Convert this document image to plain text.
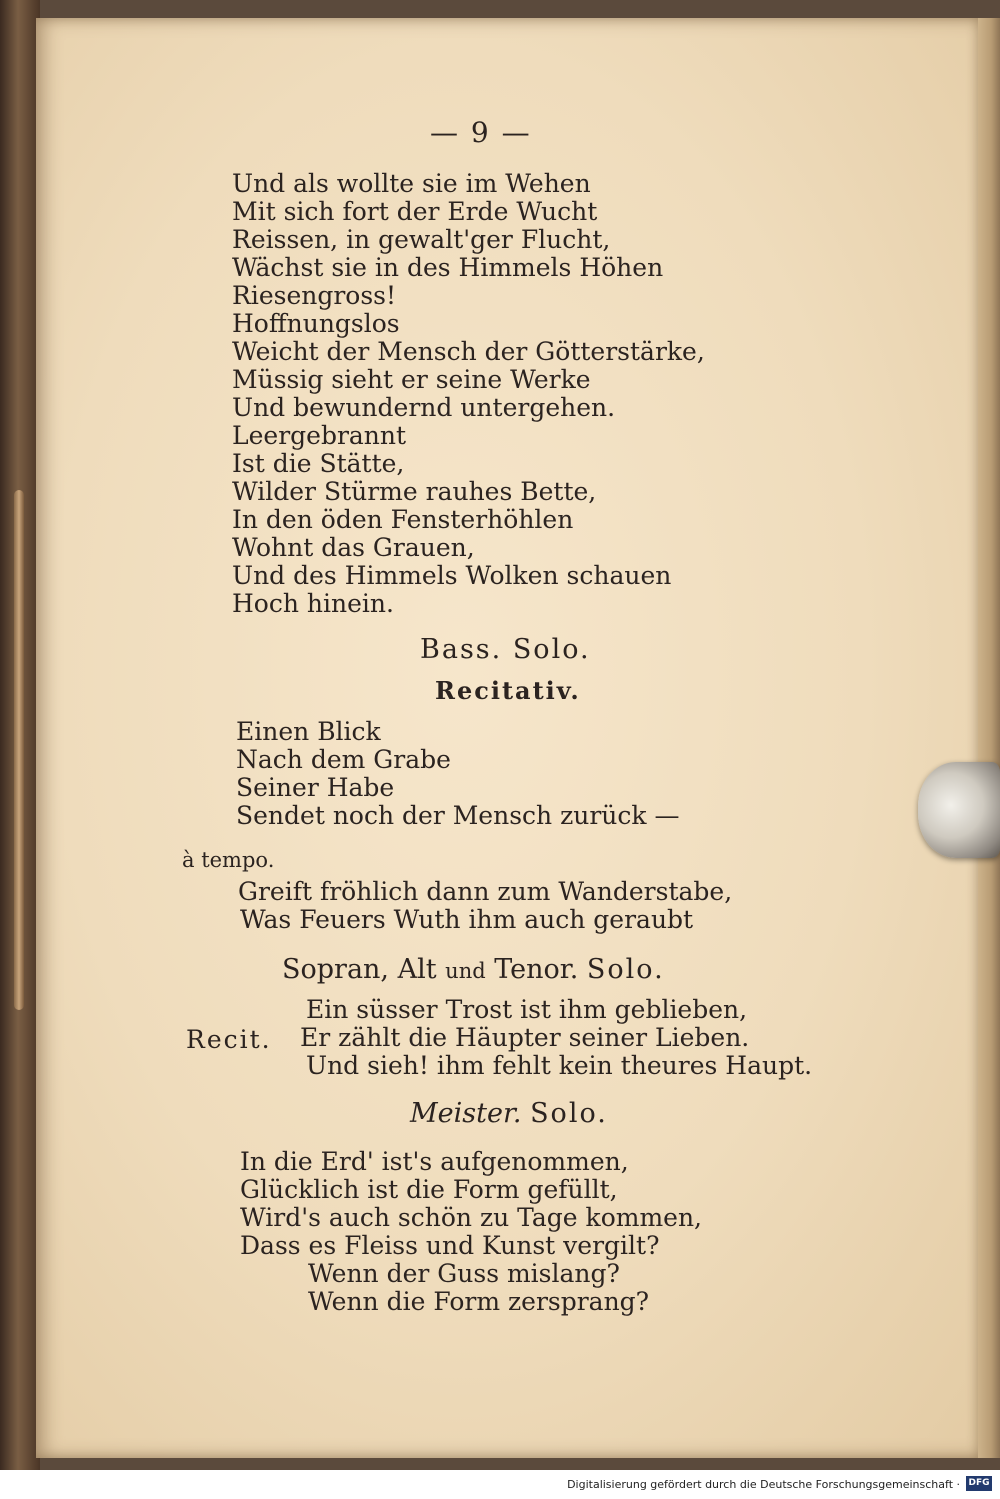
— 9 —
Und als wollte sie im Wehen
Mit sich fort der Erde Wucht
Reissen, in gewalt'ger Flucht,
Wächst sie in des Himmels Höhen
Riesengross!
Hoffnungslos
Weicht der Mensch der Götterstärke,
Müssig sieht er seine Werke
Und bewundernd untergehen.
Leergebrannt
Ist die Stätte,
Wilder Stürme rauhes Bette,
In den öden Fensterhöhlen
Wohnt das Grauen,
Und des Himmels Wolken schauen
Hoch hinein.
Bass. Solo.
Recitativ.
Einen Blick
Nach dem Grabe
Seiner Habe
Sendet noch der Mensch zurück —
à tempo.
Greift fröhlich dann zum Wanderstabe,
Was Feuers Wuth ihm auch geraubt
Sopran, Alt und Tenor. Solo.
Recit.
Ein süsser Trost ist ihm geblieben,
Er zählt die Häupter seiner Lieben.
Und sieh! ihm fehlt kein theures Haupt.
Meister. Solo.
In die Erd' ist's aufgenommen,
Glücklich ist die Form gefüllt,
Wird's auch schön zu Tage kommen,
Dass es Fleiss und Kunst vergilt?
Wenn der Guss mislang?
Wenn die Form zersprang?
Digitalisierung gefördert durch die Deutsche Forschungsgemeinschaft · DFG
